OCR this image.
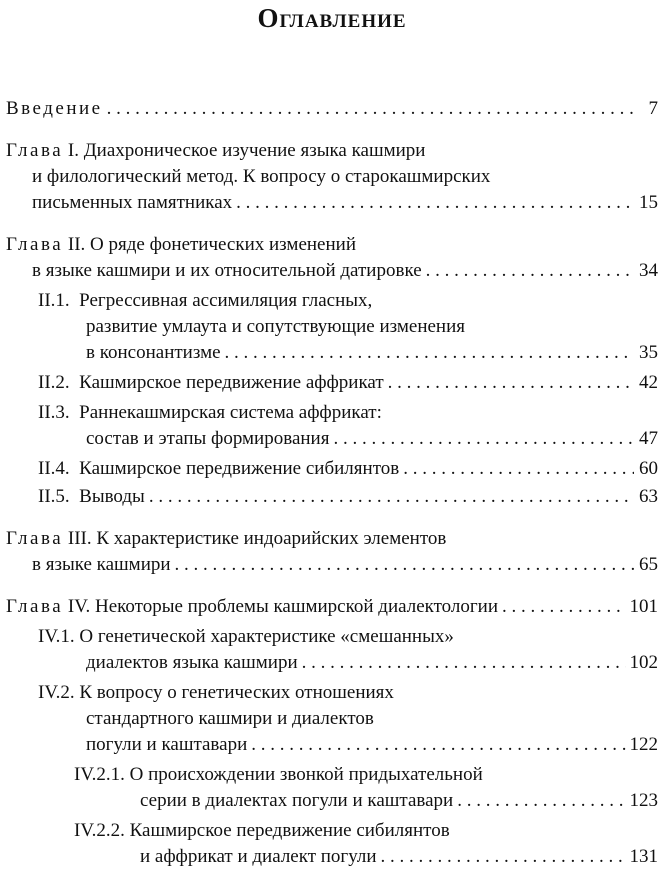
Оглавление
Введение . . .	7
Глава I. Диахроническое изучение языка кашмири
и филологический метод. К вопросу о старокашмирских
письменных памятниках . . .	15
Глава II. О ряде фонетических изменений
в языке кашмири и их относительной датировке . . .	34
II.1. Регрессивная ассимиляция гласных,
развитие умлаута и сопутствующие изменения
в консонантизме . . .	35
II.2. Кашмирское передвижение аффрикат . . .	42
II.3. Раннекашмирская система аффрикат:
состав и этапы формирования . . .	47
II.4. Кашмирское передвижение сибилянтов . . .	60
II.5. Выводы . . .	63
Глава III. К характеристике индоарийских элементов
в языке кашмири . . .	65
Глава IV. Некоторые проблемы кашмирской диалектологии . . .	101
IV.1. О генетической характеристике «смешанных»
диалектов языка кашмири . . .	102
IV.2. К вопросу о генетических отношениях
стандартного кашмири и диалектов
погули и каштавари . . .	122
IV.2.1. О происхождении звонкой придыхательной
серии в диалектах погули и каштавари . . .	123
IV.2.2. Кашмирское передвижение сибилянтов
и аффрикат и диалект погули . . .	131
